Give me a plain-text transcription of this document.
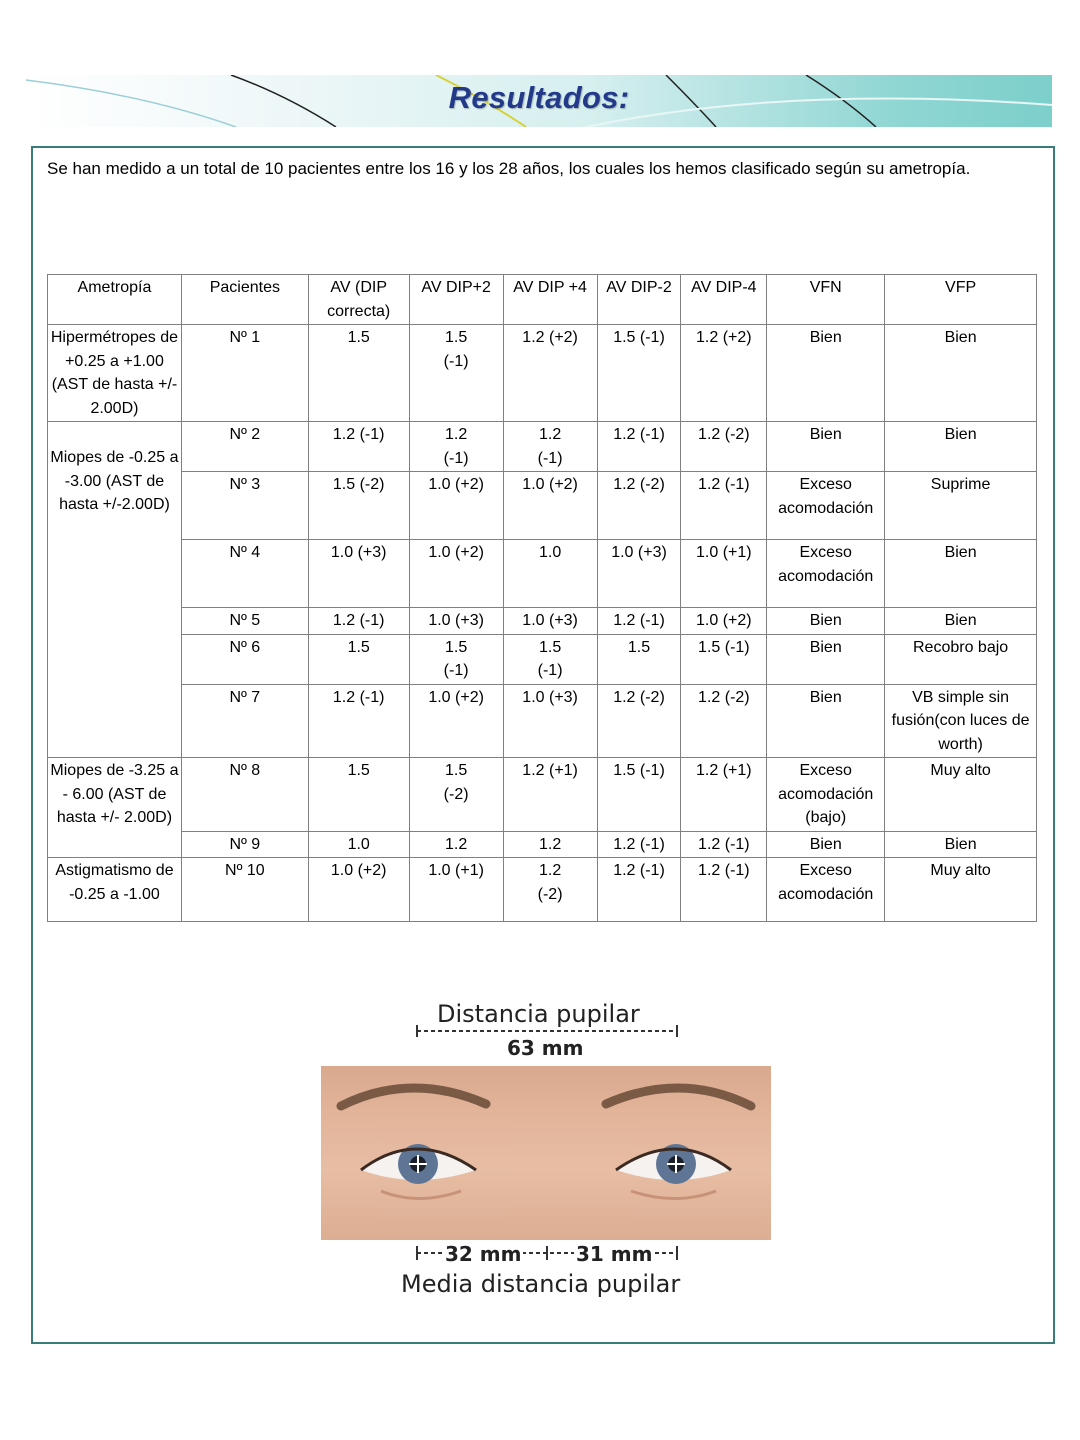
Resultados:
Se han medido a un total de 10 pacientes entre los 16 y los 28 años, los cuales los hemos clasificado según su ametropía.
Ametropía	Pacientes	AV (DIP correcta)	AV DIP+2	AV DIP +4	AV DIP-2	AV DIP-4	VFN	VFP
Hipermétropes de +0.25 a +1.00 (AST de hasta +/- 2.00D)	Nº 1	1.5	1.5 (-1)	1.2 (+2)	1.5 (-1)	1.2 (+2)	Bien	Bien
Miopes de -0.25 a -3.00 (AST de hasta +/-2.00D)	Nº 2	1.2 (-1)	1.2 (-1)	1.2 (-1)	1.2 (-1)	1.2 (-2)	Bien	Bien
	Nº 3	1.5 (-2)	1.0 (+2)	1.0 (+2)	1.2 (-2)	1.2 (-1)	Exceso acomodación	Suprime
	Nº 4	1.0 (+3)	1.0 (+2)	1.0	1.0 (+3)	1.0 (+1)	Exceso acomodación	Bien
	Nº 5	1.2 (-1)	1.0 (+3)	1.0 (+3)	1.2 (-1)	1.0 (+2)	Bien	Bien
	Nº 6	1.5	1.5 (-1)	1.5 (-1)	1.5	1.5 (-1)	Bien	Recobro bajo
	Nº 7	1.2 (-1)	1.0 (+2)	1.0 (+3)	1.2 (-2)	1.2 (-2)	Bien	VB simple sin fusión(con luces de worth)
Miopes de -3.25 a - 6.00 (AST de hasta +/- 2.00D)	Nº 8	1.5	1.5 (-2)	1.2 (+1)	1.5 (-1)	1.2 (+1)	Exceso acomodación (bajo)	Muy alto
	Nº 9	1.0	1.2	1.2	1.2 (-1)	1.2 (-1)	Bien	Bien
Astigmatismo de -0.25 a -1.00	Nº 10	1.0 (+2)	1.0 (+1)	1.2 (-2)	1.2 (-1)	1.2 (-1)	Exceso acomodación	Muy alto
Distancia pupilar
63 mm
32 mm	31 mm
Media distancia pupilar
